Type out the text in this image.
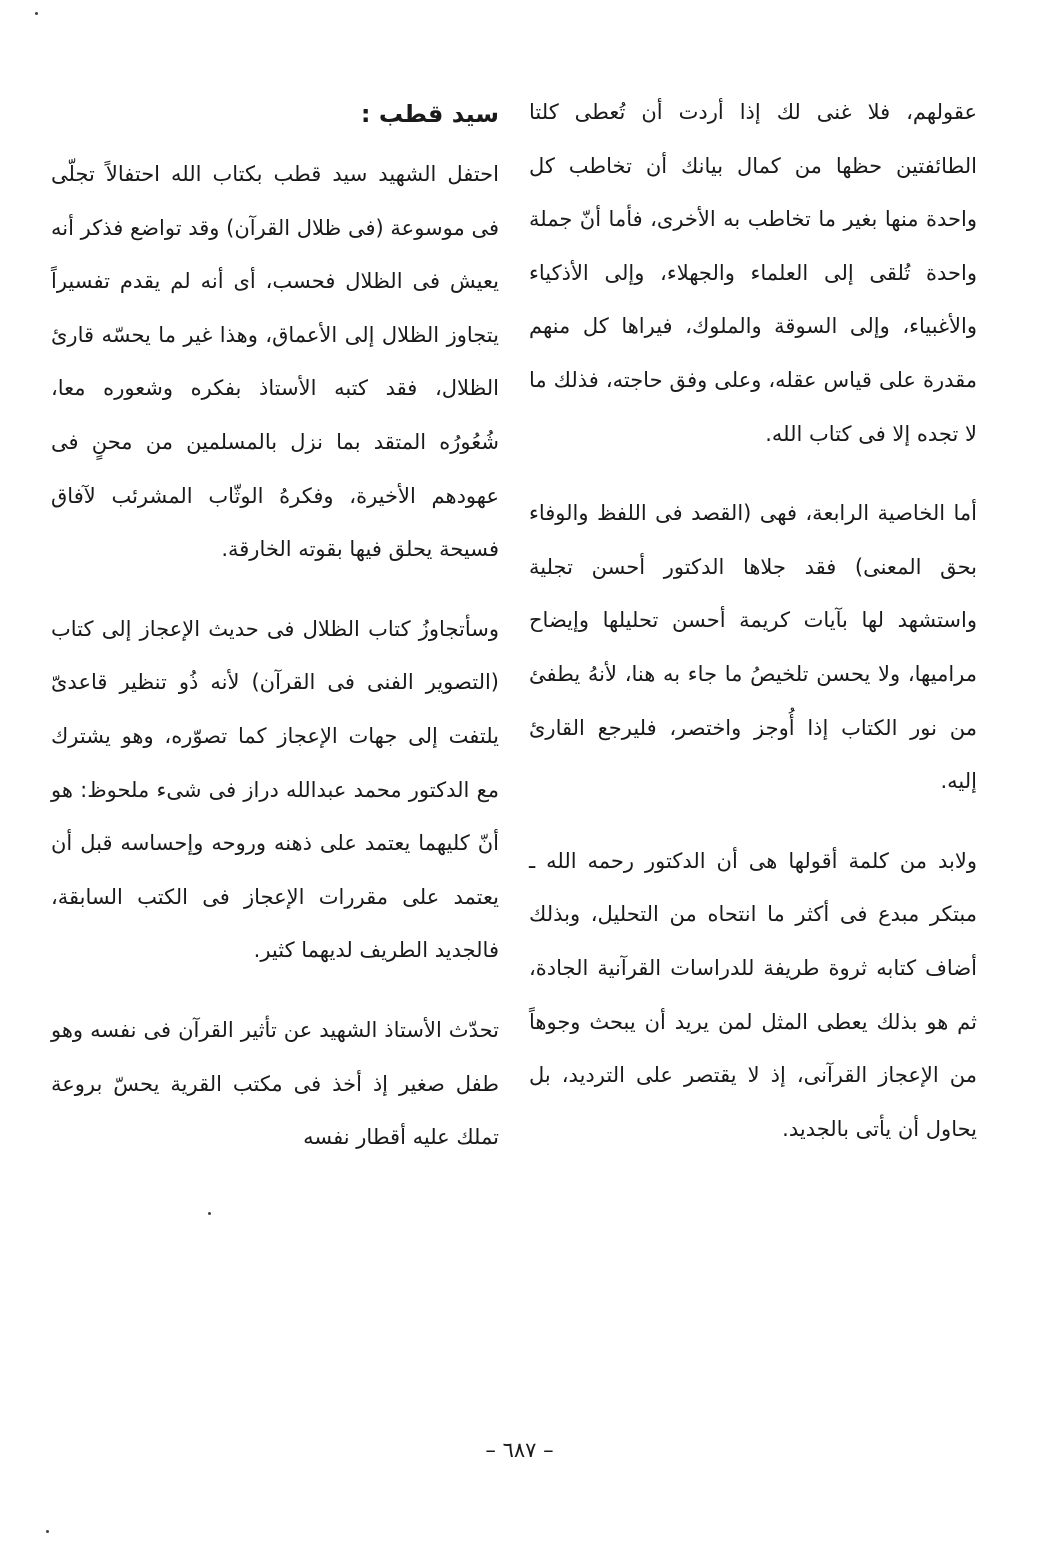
عقولهم، فلا غنى لك إذا أردت أن تُعطى كلتا الطائفتين حظها من كمال بيانك أن تخاطب كل واحدة منها بغير ما تخاطب به الأخرى، فأما أنّ جملة واحدة تُلقى إلى العلماء والجهلاء، وإلى الأذكياء والأغبياء، وإلى السوقة والملوك، فيراها كل منهم مقدرة على قياس عقله، وعلى وفق حاجته، فذلك ما لا تجده إلا فى كتاب الله.

أما الخاصية الرابعة، فهى (القصد فى اللفظ والوفاء بحق المعنى) فقد جلاها الدكتور أحسن تجلية واستشهد لها بآيات كريمة أحسن تحليلها وإيضاح مراميها، ولا يحسن تلخيصُ ما جاء به هنا، لأنهُ يطفئ من نور الكتاب إذا أُوجز واختصر، فليرجع القارئ إليه.

ولابد من كلمة أقولها هى أن الدكتور رحمه الله ـ مبتكر مبدع فى أكثر ما انتحاه من التحليل، وبذلك أضاف كتابه ثروة طريفة للدراسات القرآنية الجادة، ثم هو بذلك يعطى المثل لمن يريد أن يبحث وجوهاً من الإعجاز القرآنى، إذ لا يقتصر على الترديد، بل يحاول أن يأتى بالجديد.

سيد قطب :

احتفل الشهيد سيد قطب بكتاب الله احتفالاً تجلّى فى موسوعة (فى ظلال القرآن) وقد تواضع فذكر أنه يعيش فى الظلال فحسب، أى أنه لم يقدم تفسيراً يتجاوز الظلال إلى الأعماق، وهذا غير ما يحسّه قارئ الظلال، فقد كتبه الأستاذ بفكره وشعوره معا، شُعُورُه المتقد بما نزل بالمسلمين من محنٍ فى عهودهم الأخيرة، وفكرهُ الوثّاب المشرئب لآفاق فسيحة يحلق فيها بقوته الخارقة.

وسأتجاوزُ كتاب الظلال فى حديث الإعجاز إلى كتاب (التصوير الفنى فى القرآن) لأنه ذُو تنظير قاعدىّ يلتفت إلى جهات الإعجاز كما تصوّره، وهو يشترك مع الدكتور محمد عبدالله دراز فى شىء ملحوظ: هو أنّ كليهما يعتمد على ذهنه وروحه وإحساسه قبل أن يعتمد على مقررات الإعجاز فى الكتب السابقة، فالجديد الطريف لديهما كثير.

تحدّث الأستاذ الشهيد عن تأثير القرآن فى نفسه وهو طفل صغير إذ أخذ فى مكتب القرية يحسّ بروعة تملك عليه أقطار نفسه

– ٦٨٧ –
